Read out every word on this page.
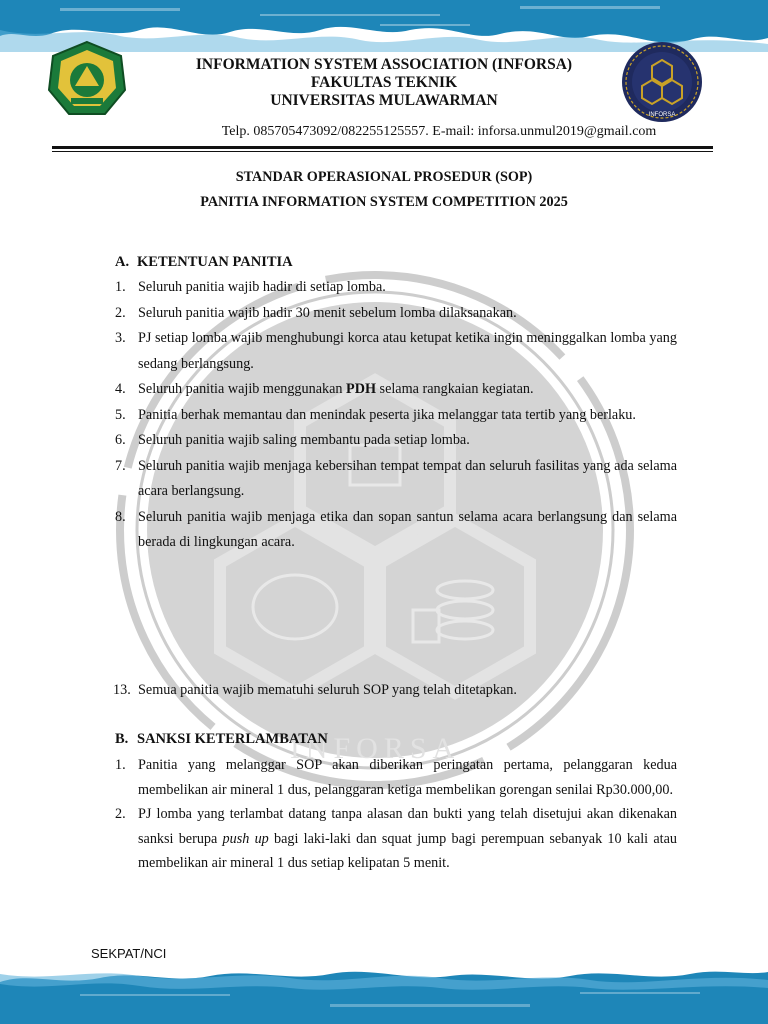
INFORSA
INFORSA
INFORMATION SYSTEM ASSOCIATION (INFORSA)
FAKULTAS TEKNIK
UNIVERSITAS MULAWARMAN
Telp. 085705473092/082255125557. E-mail: inforsa.unmul2019@gmail.com
STANDAR OPERASIONAL PROSEDUR (SOP)
PANITIA INFORMATION SYSTEM COMPETITION 2025
A. KETENTUAN PANITIA
1. Seluruh panitia wajib hadir di setiap lomba.
2. Seluruh panitia wajib hadir 30 menit sebelum lomba dilaksanakan.
3. PJ setiap lomba wajib menghubungi korca atau ketupat ketika ingin meninggalkan lomba yang sedang berlangsung.
4. Seluruh panitia wajib menggunakan PDH selama rangkaian kegiatan.
5. Panitia berhak memantau dan menindak peserta jika melanggar tata tertib yang berlaku.
6. Seluruh panitia wajib saling membantu pada setiap lomba.
7. Seluruh panitia wajib menjaga kebersihan tempat tempat dan seluruh fasilitas yang ada selama acara berlangsung.
8. Seluruh panitia wajib menjaga etika dan sopan santun selama acara berlangsung dan selama berada di lingkungan acara.
13. Semua panitia wajib mematuhi seluruh SOP yang telah ditetapkan.
B. SANKSI KETERLAMBATAN
1. Panitia yang melanggar SOP akan diberikan peringatan pertama, pelanggaran kedua membelikan air mineral 1 dus, pelanggaran ketiga membelikan gorengan senilai Rp30.000,00.
2. PJ lomba yang terlambat datang tanpa alasan dan bukti yang telah disetujui akan dikenakan sanksi berupa push up bagi laki-laki dan squat jump bagi perempuan sebanyak 10 kali atau membelikan air mineral 1 dus setiap kelipatan 5 menit.
SEKPAT/NCI
